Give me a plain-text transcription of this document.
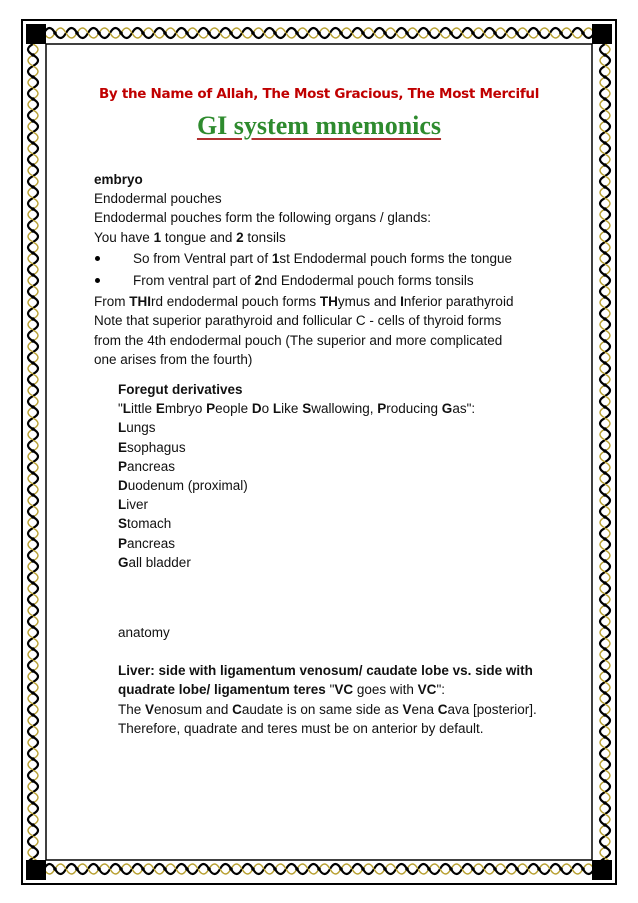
By the Name of Allah, The Most Gracious, The Most Merciful
GI system mnemonics
embryo
Endodermal pouches
Endodermal pouches form the following organs / glands:
You have 1 tongue and 2 tonsils
So from Ventral part of 1st Endodermal pouch forms the tongue
From ventral part of 2nd Endodermal pouch forms tonsils
From THIrd endodermal pouch forms THymus and Inferior parathyroid
Note that superior parathyroid and follicular C - cells of thyroid forms
from the 4th endodermal pouch (The superior and more complicated
one arises from the fourth)
Foregut derivatives
"Little Embryo People Do Like Swallowing, Producing Gas":
Lungs
Esophagus
Pancreas
Duodenum (proximal)
Liver
Stomach
Pancreas
Gall bladder
anatomy
Liver: side with ligamentum venosum/ caudate lobe vs. side with
quadrate lobe/ ligamentum teres "VC goes with VC":
The Venosum and Caudate is on same side as Vena Cava [posterior].
Therefore, quadrate and teres must be on anterior by default.
